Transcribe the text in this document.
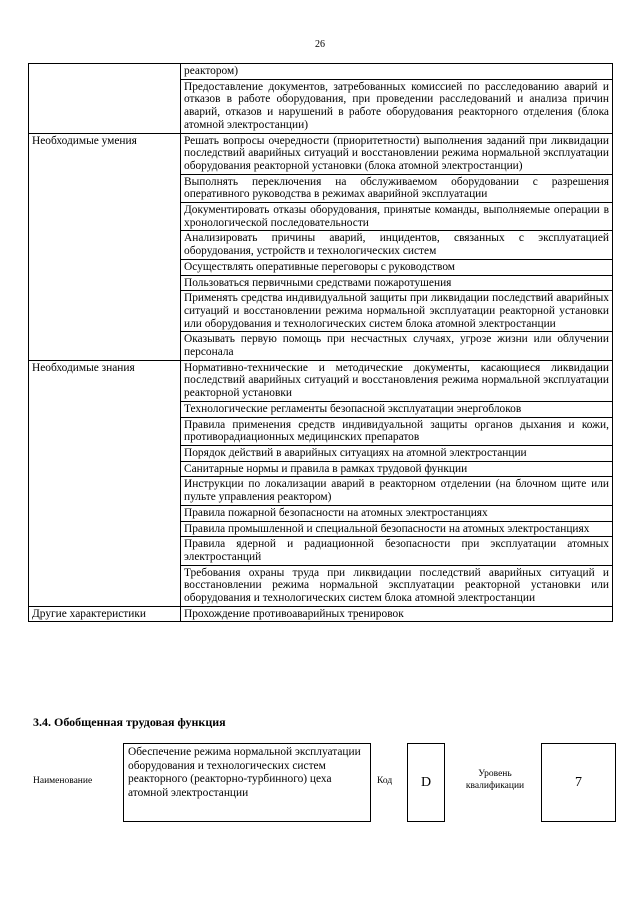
26
	реактором)
	Предоставление документов, затребованных комиссией по расследованию аварий и отказов в работе оборудования, при проведении расследований и анализа причин аварий, отказов и нарушений в работе оборудования реакторного отделения (блока атомной электростанции)
Необходимые умения	Решать вопросы очередности (приоритетности) выполнения заданий при ликвидации последствий аварийных ситуаций и восстановлении режима нормальной эксплуатации оборудования реакторной установки (блока атомной электростанции)
	Выполнять переключения на обслуживаемом оборудовании с разрешения оперативного руководства в режимах аварийной эксплуатации
	Документировать отказы оборудования, принятые команды, выполняемые операции в хронологической последовательности
	Анализировать причины аварий, инцидентов, связанных с эксплуатацией оборудования, устройств и технологических систем
	Осуществлять оперативные переговоры с руководством
	Пользоваться первичными средствами пожаротушения
	Применять средства индивидуальной защиты при ликвидации последствий аварийных ситуаций и восстановлении режима нормальной эксплуатации реакторной установки или оборудования и технологических систем блока атомной электростанции
	Оказывать первую помощь при несчастных случаях, угрозе жизни или облучении персонала
Необходимые знания	Нормативно-технические и методические документы, касающиеся ликвидации последствий аварийных ситуаций и восстановления режима нормальной эксплуатации реакторной установки
	Технологические регламенты безопасной эксплуатации энергоблоков
	Правила применения средств индивидуальной защиты органов дыхания и кожи, противорадиационных медицинских препаратов
	Порядок действий в аварийных ситуациях на атомной электростанции
	Санитарные нормы и правила в рамках трудовой функции
	Инструкции по локализации аварий в реакторном отделении (на блочном щите или пульте управления реактором)
	Правила пожарной безопасности на атомных электростанциях
	Правила промышленной и специальной безопасности на атомных электростанциях
	Правила ядерной и радиационной безопасности при эксплуатации атомных электростанций
	Требования охраны труда при ликвидации последствий аварийных ситуаций и восстановлении режима нормальной эксплуатации реакторной установки или оборудования и технологических систем блока атомной электростанции
Другие характеристики	Прохождение противоаварийных тренировок
3.4. Обобщенная трудовая функция
Наименование
Обеспечение режима нормальной эксплуатации оборудования и технологических систем реакторного (реакторно-турбинного) цеха атомной электростанции
Код	D
Уровень квалификации	7
